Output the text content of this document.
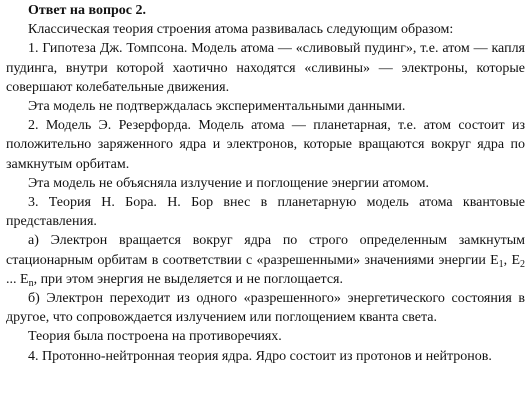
Ответ на вопрос 2.

Классическая теория строения атома развивалась следующим образом:

1. Гипотеза Дж. Томпсона. Модель атома — «сливовый пудинг», т.е. атом — капля пудинга, внутри которой хаотично находятся «сливины» — электроны, которые совершают колебательные движения.

Эта модель не подтверждалась экспериментальными данными.

2. Модель Э. Резерфорда. Модель атома — планетарная, т.е. атом состоит из положительно заряженного ядра и электронов, которые вращаются вокруг ядра по замкнутым орбитам.

Эта модель не объясняла излучение и поглощение энергии атомом.

3. Теория Н. Бора. Н. Бор внес в планетарную модель атома квантовые представления.

а) Электрон вращается вокруг ядра по строго определенным замкнутым стационарным орбитам в соответствии с «разрешенными» значениями энергии $E_1$, $E_2$ ... $E_n$, при этом энергия не выделяется и не поглощается.

б) Электрон переходит из одного «разрешенного» энергетического состояния в другое, что сопровождается излучением или поглощением кванта света.

Теория была построена на противоречиях.

4. Протонно-нейтронная теория ядра. Ядро состоит из протонов и нейтронов.
